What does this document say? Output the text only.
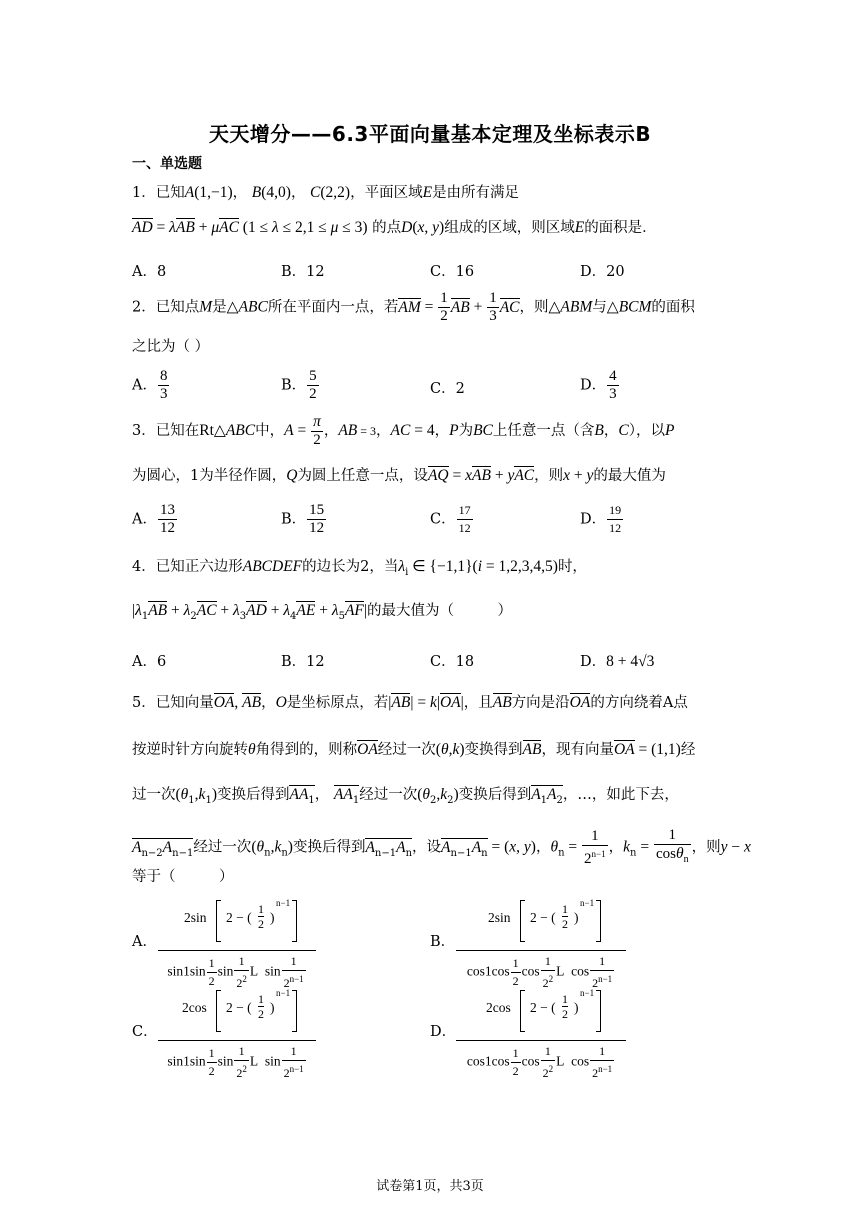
天天增分——6.3平面向量基本定理及坐标表示B
一、单选题
1．已知A(1,−1)， B(4,0)， C(2,2)，平面区域E是由所有满足
AD = λAB + μAC (1 ≤ λ ≤ 2,1 ≤ μ ≤ 3) 的点D(x, y)组成的区域，则区域E的面积是．
A．8	B．12	C．16	D．20
2．已知点M是△ABC所在平面内一点，若AM = $\frac{1}{2}$ AB + $\frac{1}{3}$ AC，则△ABM与△BCM的面积
之比为（ ）
A． $\frac{8}{3}$	B． $\frac{5}{2}$	C．2	D． $\frac{4}{3}$
3．已知在Rt△ABC中，$A = \frac{\pi}{2}$ ，AB = 3，AC = 4，P为BC上任意一点（含B，C），以P
为圆心，1为半径作圆，Q为圆上任意一点，设AQ = xAB + yAC，则x + y的最大值为
A． $\frac{13}{12}$	B． $\frac{15}{12}$	C． $\frac{17}{12}$	D． $\frac{19}{12}$
4．已知正六边形ABCDEF的边长为2，当$\lambda_i$ ∈ {−1,1}(i = 1,2,3,4,5)时，
$|\lambda_1AB + \lambda_2AC + \lambda_3AD + \lambda_4AE + \lambda_5AF|$的最大值为（　　　）
A．6	B．12	C．18	D．8 + 4√3
5．已知向量OA, AB，O是坐标原点，若|AB| = k|OA|，且AB方向是沿OA的方向绕着A点
按逆时针方向旋转θ角得到的，则称OA经过一次(θ,k)变换得到AB，现有向量OA = (1,1)经
过一次$(\theta_1,k_1)$变换后得到$AA_1$， $AA_1$经过一次$(\theta_2,k_2)$变换后得到$A_1A_2$，…，如此下去，
$A_{n-2}A_{n-1}$经过一次$(\theta_n,k_n)$变换后得到$A_{n-1}A_n$，设$A_{n-1}A_n = (x$, y)，$\theta_n = \frac{1}{2^{n-1}}$ ，$k_n = \frac{1}{\cos\theta_n}$ ，则y − x
等于（　　　）
A．
2sin 2 − (
1
2 )
n−1
$\sin 1\sin \frac{1}{2}$ $\sin \frac{1}{2^2}$ L  $\sin \frac{1}{2^{n-1}}$
B．
2sin 2 − (
1
2 )
n−1
$\cos 1\cos \frac{1}{2}$ $\cos \frac{1}{2^2}$ L  $\cos \frac{1}{2^{n-1}}$
C．
2cos 2 − (
1
2 )
n−1
$\sin 1\sin \frac{1}{2}$ $\sin \frac{1}{2^2}$ L  $\sin \frac{1}{2^{n-1}}$
D．
2cos 2 − (
1
2 )
n−1
$\cos 1\cos \frac{1}{2}$ $\cos \frac{1}{2^2}$ L  $\cos \frac{1}{2^{n-1}}$
试卷第1页，共3页
